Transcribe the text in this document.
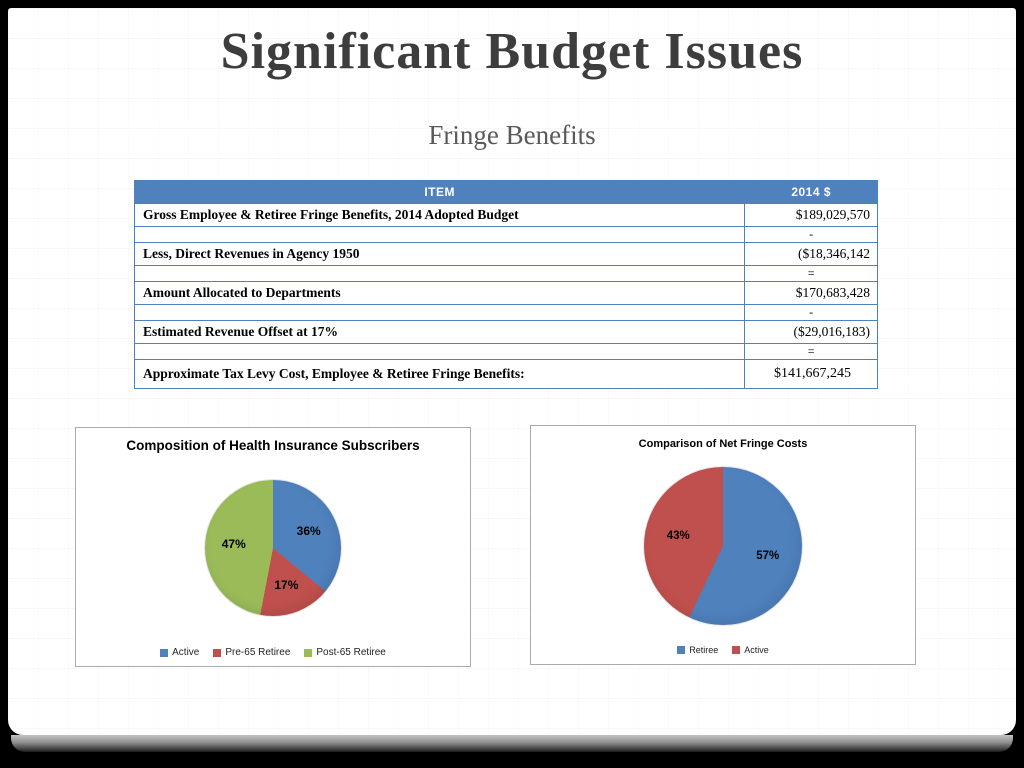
Significant Budget Issues
Fringe Benefits
ITEM	2014 $
Gross Employee & Retiree Fringe Benefits, 2014 Adopted Budget	$189,029,570
	-
Less, Direct Revenues in Agency 1950	($18,346,142
	=
Amount Allocated to Departments	$170,683,428
	-
Estimated Revenue Offset at 17%	($29,016,183)
	=
Approximate Tax Levy Cost, Employee & Retiree Fringe Benefits:	$141,667,245
Composition of Health Insurance Subscribers
36%
17%
47%
Active	Pre-65 Retiree	Post-65 Retiree
Comparison of Net Fringe Costs
57%
43%
Retiree	Active
